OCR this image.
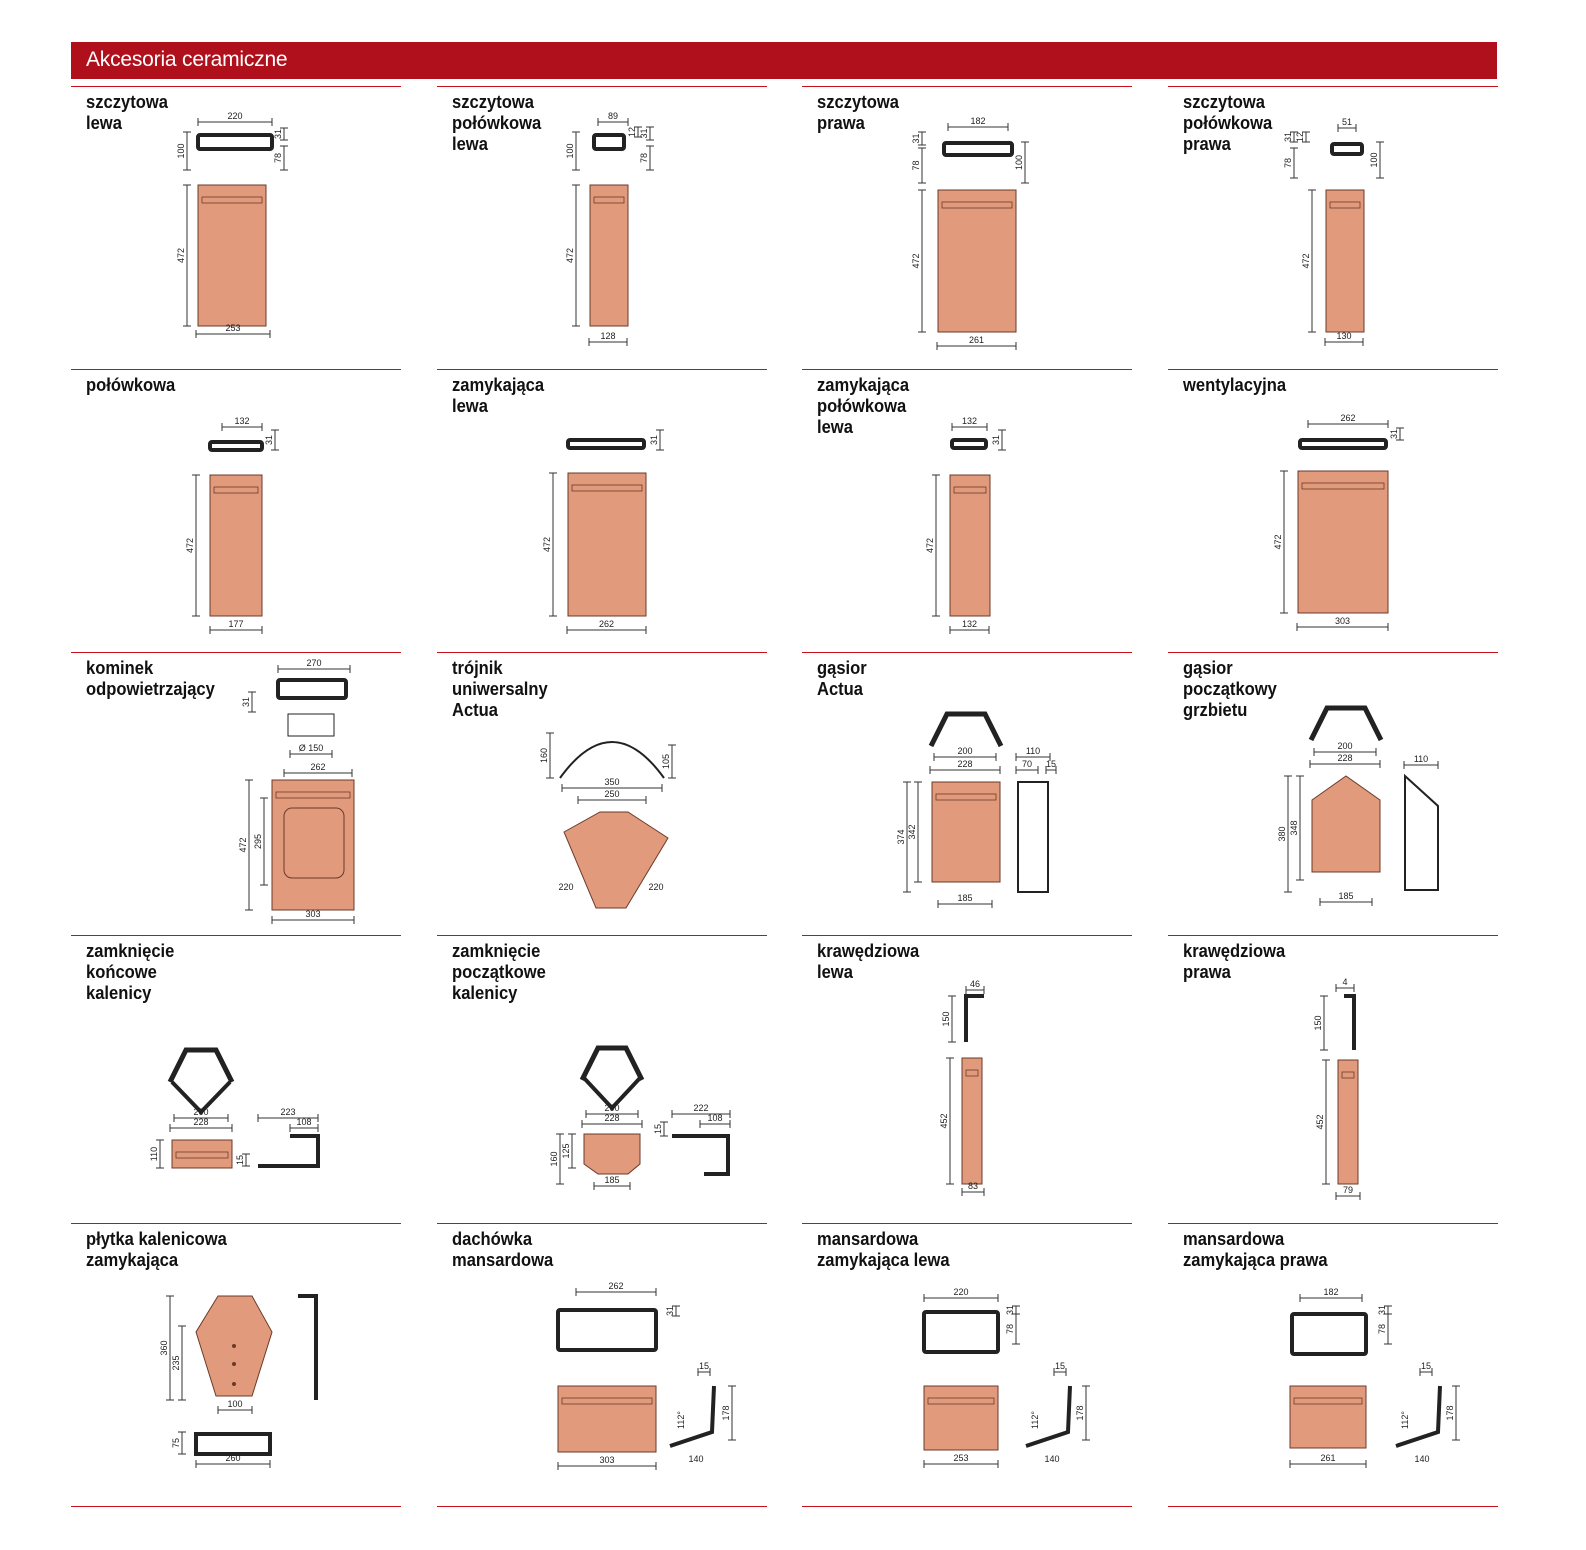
Akcesoria ceramiczne
szczytowa
lewa
szczytowa
połówkowa
lewa
szczytowa
prawa
szczytowa
połówkowa
prawa
połówkowa	zamykająca
lewa
zamykająca
połówkowa
lewa
wentylacyjna
kominek
odpowietrzający
trójnik
uniwersalny
Actua
gąsior
Actua
gąsior
początkowy
grzbietu
zamknięcie
końcowe
kalenicy
zamknięcie
początkowe
kalenicy
krawędziowa
lewa
krawędziowa
prawa
płytka kalenicowa
zamykająca
dachówka
mansardowa
mansardowa
zamykająca lewa
mansardowa
zamykająca prawa
220
31
100	78
472
253
89
12 31
100	78
472
128
182
31
78	100
472
261
51
31 12
78	100
472
130
132
31
472
177
31
472
262
132
31
472
132
262
31
472
303
270
31
Ø 150
262
472 295
303
160	105
350
250
220	220
200
228
110
70 15
374 342
185
200
228	110
380 348
185
200
228
223
108
110	15
200
228
222
108
15
160
125
185
46
150
452
83
4
150
452
79
360
235
100
75
260
262
31
15
178
112°
303	140
220
78
31
15
178
112°
253	140
182
78
31
15
178
112°
261	140
